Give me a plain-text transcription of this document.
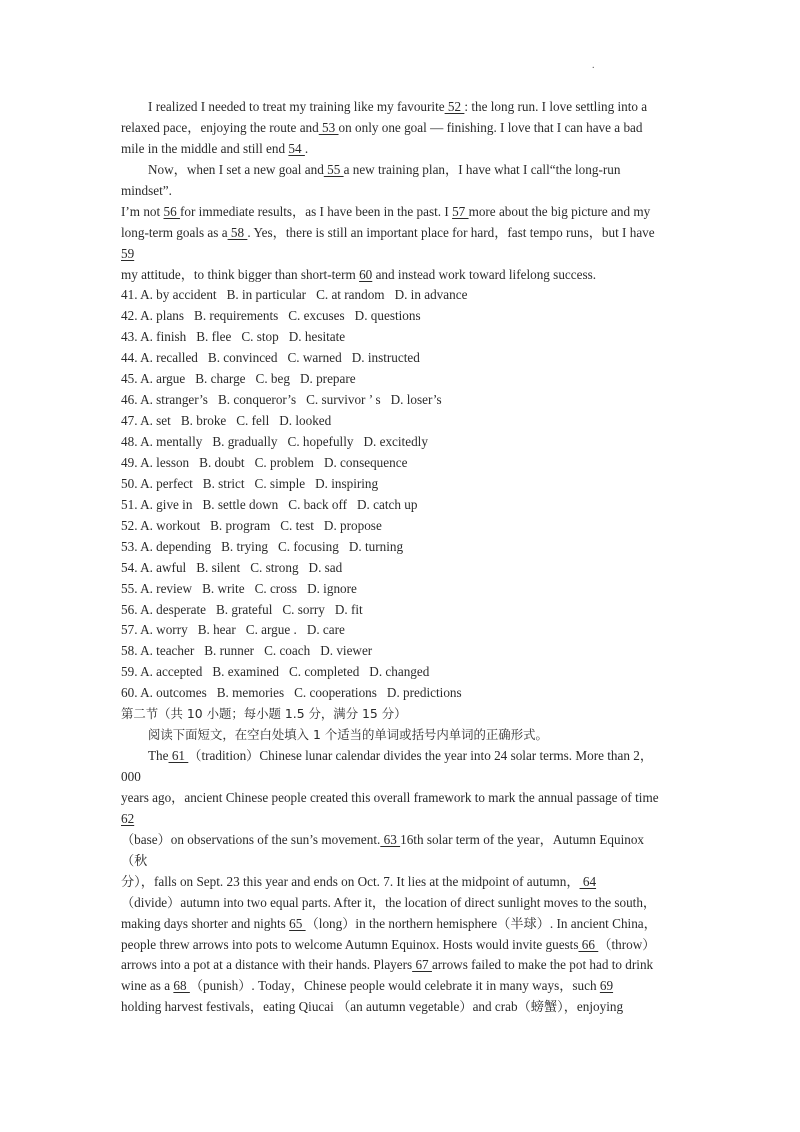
.
I realized I needed to treat my training like my favourite 52 : the long run. I love settling into a
relaxed pace，enjoying the route and 53 on only one goal — finishing. I love that I can have a bad
mile in the middle and still end 54 .
Now，when I set a new goal and 55 a new training plan，I have what I call“the long-run
mindset”.
I’m not 56 for immediate results，as I have been in the past. I 57 more about the big picture and my
long-term goals as a 58 . Yes，there is still an important place for hard，fast tempo runs，but I have
59
my attitude，to think bigger than short-term 60 and instead work toward lifelong success.
41. A. by accident B. in particular C. at random D. in advance
42. A. plans B. requirements C. excuses D. questions
43. A. finish B. flee C. stop D. hesitate
44. A. recalled B. convinced C. warned D. instructed
45. A. argue B. charge C. beg D. prepare
46. A. stranger’s B. conqueror’s C. survivor ’ s D. loser’s
47. A. set B. broke C. fell D. looked
48. A. mentally B. gradually C. hopefully D. excitedly
49. A. lesson B. doubt C. problem D. consequence
50. A. perfect B. strict C. simple D. inspiring
51. A. give in B. settle down C. back off D. catch up
52. A. workout B. program C. test D. propose
53. A. depending B. trying C. focusing D. turning
54. A. awful B. silent C. strong D. sad
55. A. review B. write C. cross D. ignore
56. A. desperate B. grateful C. sorry D. fit
57. A. worry B. hear C. argue . D. care
58. A. teacher B. runner C. coach D. viewer
59. A. accepted B. examined C. completed D. changed
60. A. outcomes B. memories C. cooperations D. predictions
第二节（共 10 小题；每小题 1.5 分，满分 15 分）
阅读下面短文，在空白处填入 1 个适当的单词或括号内单词的正确形式。
The 61 （tradition）Chinese lunar calendar divides the year into 24 solar terms. More than 2，
000
years ago，ancient Chinese people created this overall framework to mark the annual passage of time
62
（base）on observations of the sun’s movement. 63 16th solar term of the year，Autumn Equinox
（秋
分），falls on Sept. 23 this year and ends on Oct. 7. It lies at the midpoint of autumn， 64
（divide）autumn into two equal parts. After it，the location of direct sunlight moves to the south，
making days shorter and nights 65 （long）in the northern hemisphere（半球）. In ancient China，
people threw arrows into pots to welcome Autumn Equinox. Hosts would invite guests 66 （throw）
arrows into a pot at a distance with their hands. Players 67 arrows failed to make the pot had to drink
wine as a 68 （punish）. Today，Chinese people would celebrate it in many ways，such 69
holding harvest festivals，eating Qiucai （an autumn vegetable）and crab（螃蟹），enjoying
